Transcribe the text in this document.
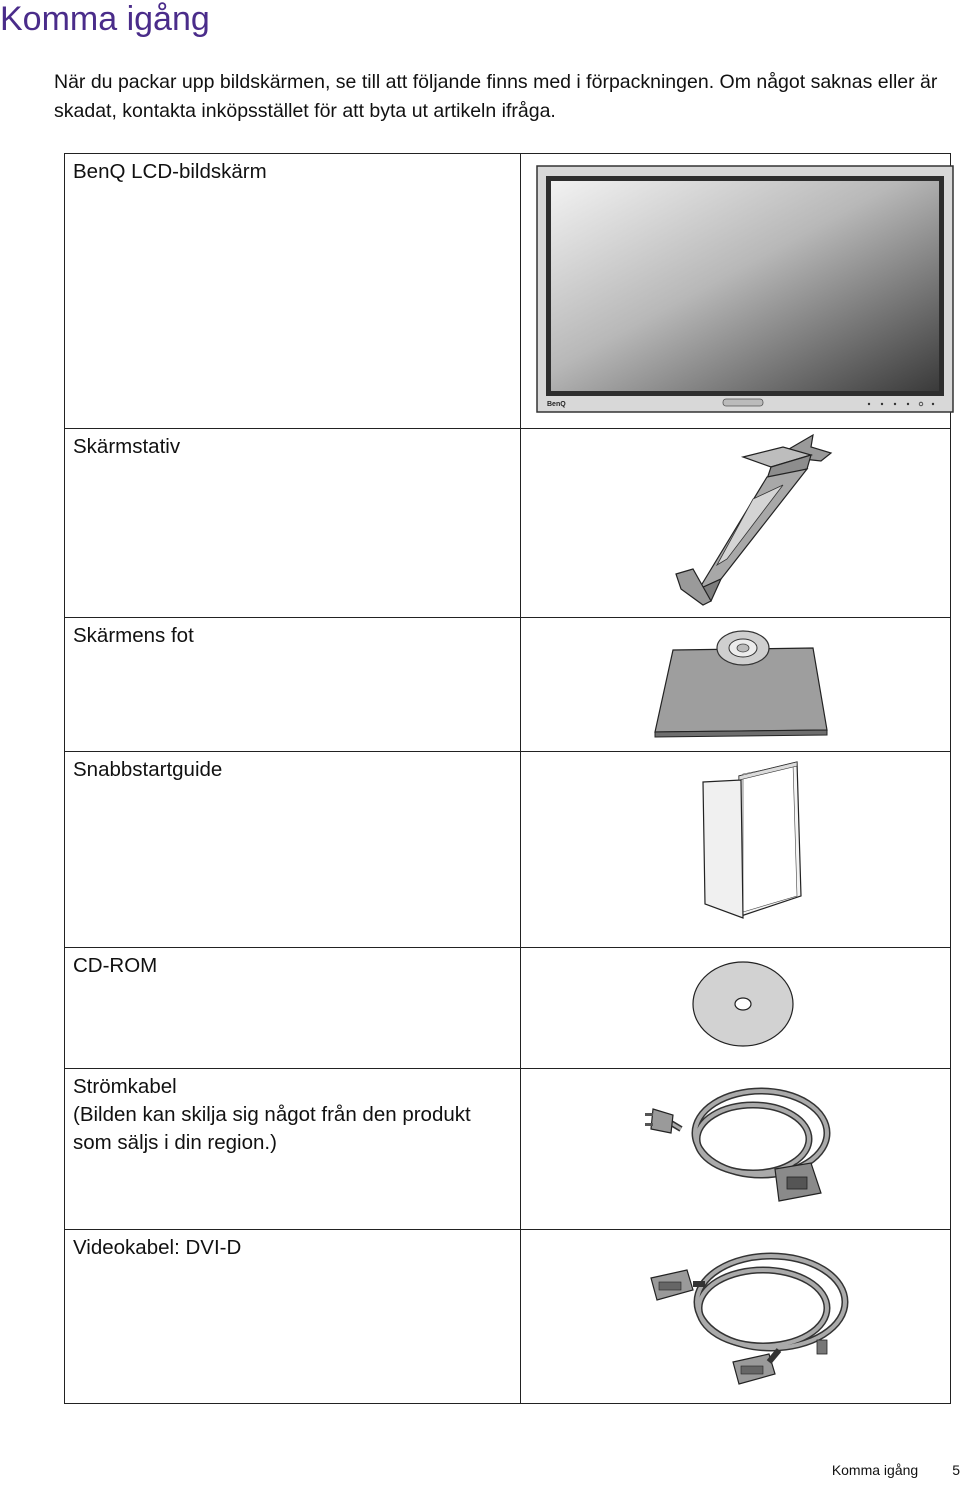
Komma igång

När du packar upp bildskärmen, se till att följande finns med i förpackningen. Om något saknas eller är skadat, kontakta inköpsstället för att byta ut artikeln ifråga.

BenQ LCD-bildskärm	BenQ

Skärmstativ	

Skärmens fot	

Snabbstartguide	

CD-ROM	

Strömkabel
(Bilden kan skilja sig något från den produkt som säljs i din region.)

Videokabel: DVI-D	
Komma igång 5
